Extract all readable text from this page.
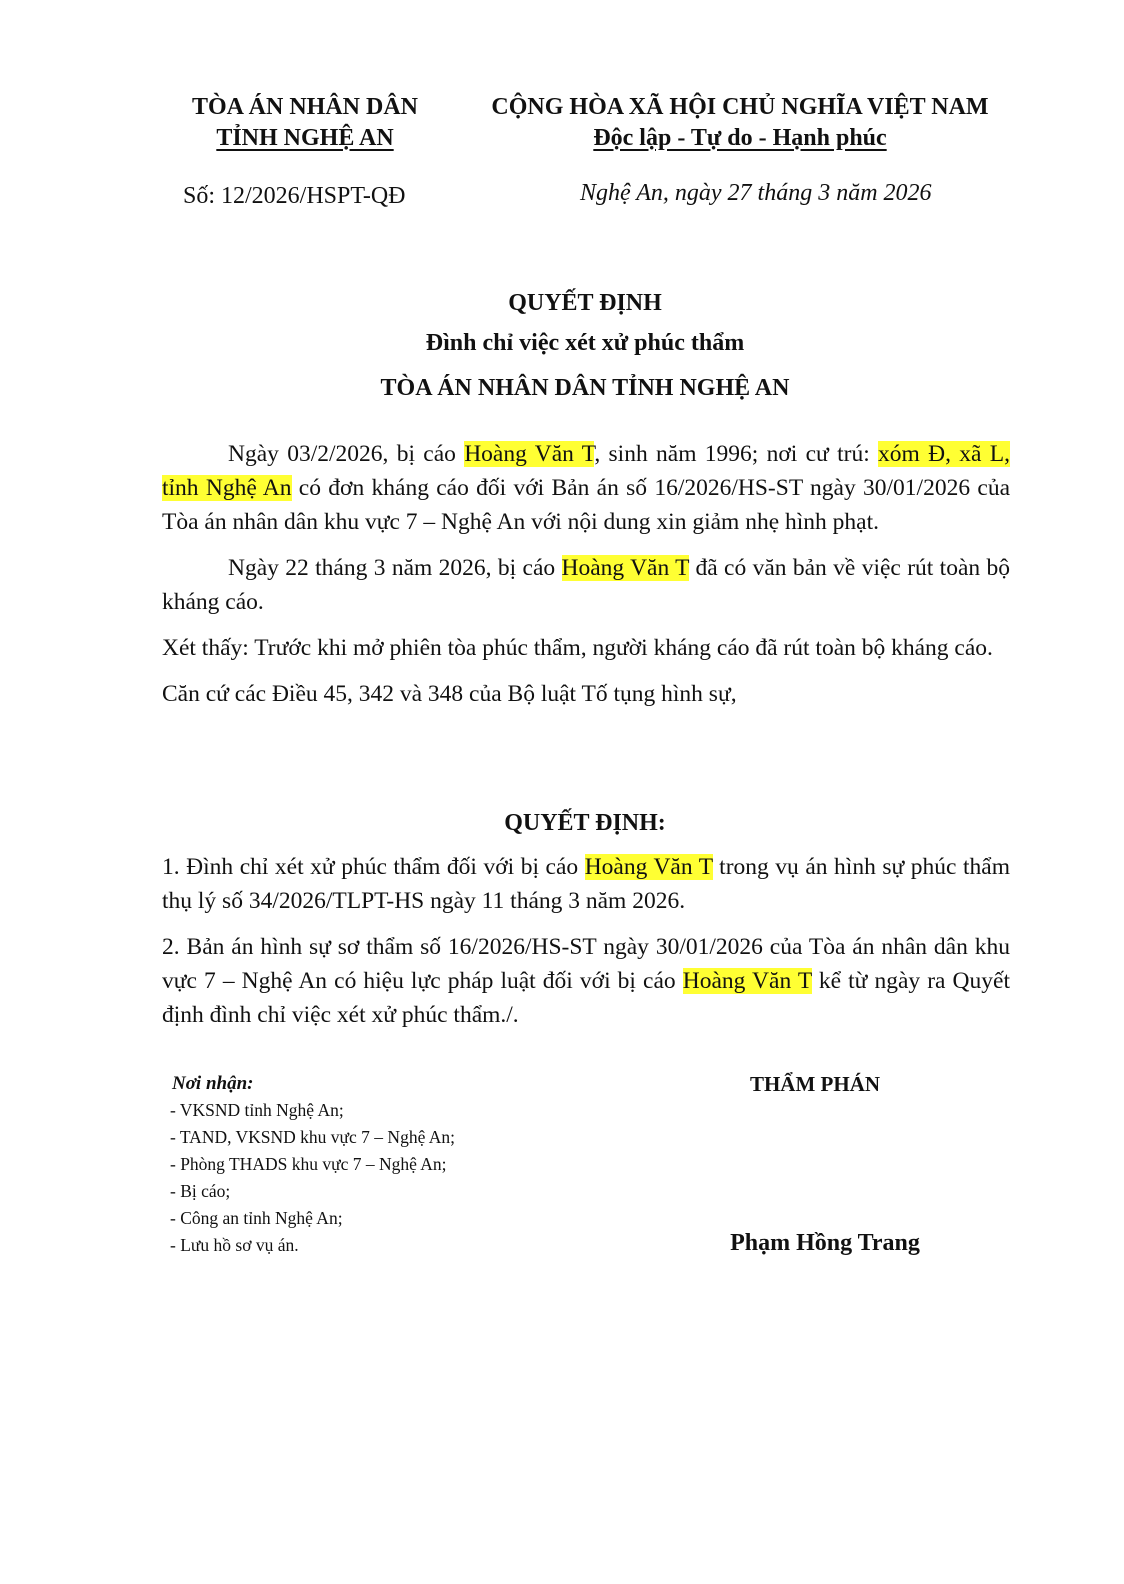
TÒA ÁN NHÂN DÂN
TỈNH NGHỆ AN
CỘNG HÒA XÃ HỘI CHỦ NGHĨA VIỆT NAM
Độc lập - Tự do - Hạnh phúc
Số: 12/2026/HSPT-QĐ	Nghệ An, ngày 27 tháng 3 năm 2026
QUYẾT ĐỊNH
Đình chỉ việc xét xử phúc thẩm
TÒA ÁN NHÂN DÂN TỈNH NGHỆ AN

Ngày 03/2/2026, bị cáo Hoàng Văn T, sinh năm 1996; nơi cư trú: xóm Đ, xã L, tỉnh Nghệ An có đơn kháng cáo đối với Bản án số 16/2026/HS-ST ngày 30/01/2026 của Tòa án nhân dân khu vực 7 – Nghệ An với nội dung xin giảm nhẹ hình phạt.

Ngày 22 tháng 3 năm 2026, bị cáo Hoàng Văn T đã có văn bản về việc rút toàn bộ kháng cáo.

Xét thấy: Trước khi mở phiên tòa phúc thẩm, người kháng cáo đã rút toàn bộ kháng cáo.

Căn cứ các Điều 45, 342 và 348 của Bộ luật Tố tụng hình sự,

QUYẾT ĐỊNH:

1. Đình chỉ xét xử phúc thẩm đối với bị cáo Hoàng Văn T trong vụ án hình sự phúc thẩm thụ lý số 34/2026/TLPT-HS ngày 11 tháng 3 năm 2026.

2. Bản án hình sự sơ thẩm số 16/2026/HS-ST ngày 30/01/2026 của Tòa án nhân dân khu vực 7 – Nghệ An có hiệu lực pháp luật đối với bị cáo Hoàng Văn T kể từ ngày ra Quyết định đình chỉ việc xét xử phúc thẩm./.

Nơi nhận:
- VKSND tỉnh Nghệ An;
- TAND, VKSND khu vực 7 – Nghệ An;
- Phòng THADS khu vực 7 – Nghệ An;
- Bị cáo;
- Công an tỉnh Nghệ An;
- Lưu hồ sơ vụ án.
THẨM PHÁN
Phạm Hồng Trang
